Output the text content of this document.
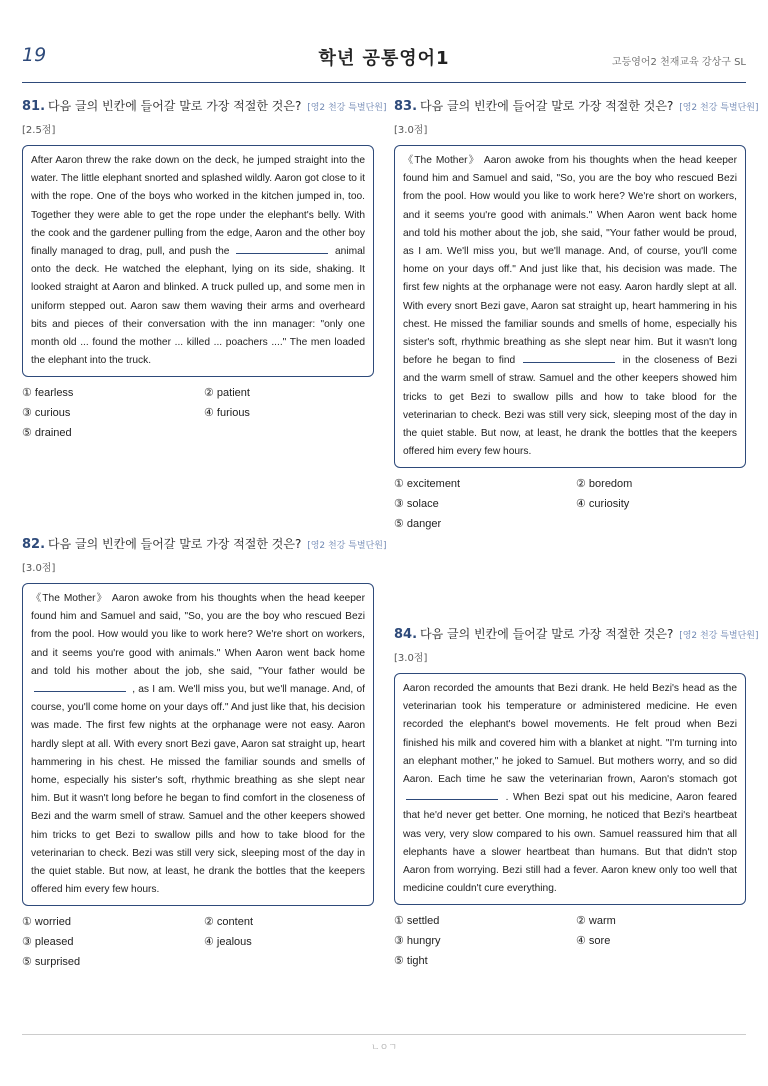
19	학년 공통영어1	고등영어2 천재교육 강상구 SL
81. 다음 글의 빈칸에 들어갈 말로 가장 적절한 것은? [영2 천강 특별단원]
[2.5점]
After Aaron threw the rake down on the deck, he jumped straight into the water. The little elephant snorted and splashed wildly. Aaron got close to it with the rope. One of the boys who worked in the kitchen jumped in, too. Together they were able to get the rope under the elephant's belly. With the cook and the gardener pulling from the edge, Aaron and the other boy finally managed to drag, pull, and push the	animal onto the deck. He watched the elephant, lying on its side, shaking. It looked straight at Aaron and blinked. A truck pulled up, and some men in uniform stepped out. Aaron saw them waving their arms and overheard bits and pieces of their conversation with the inn manager: "only one month old ... found the mother ... killed ... poachers ...." The men loaded the elephant into the truck.
① fearless	② patient
③ curious	④ furious
⑤ drained
82. 다음 글의 빈칸에 들어갈 말로 가장 적절한 것은? [영2 천강 특별단원]
[3.0점]
《The Mother》 Aaron awoke from his thoughts when the head keeper found him and Samuel and said, "So, you are the boy who rescued Bezi from the pool. How would you like to work here? We're short on workers, and it seems you're good with animals." When Aaron went back home and told his mother about the job, she said, "Your father would be  , as I am. We'll miss you, but we'll manage. And, of course, you'll come home on your days off." And just like that, his decision was made. The first few nights at the orphanage were not easy. Aaron hardly slept at all. With every snort Bezi gave, Aaron sat straight up, heart hammering in his chest. He missed the familiar sounds and smells of home, especially his sister's soft, rhythmic breathing as she slept near him. But it wasn't long before he began to find comfort in the closeness of Bezi and the warm smell of straw. Samuel and the other keepers showed him tricks to get Bezi to swallow pills and how to take blood for the veterinarian to check. Bezi was still very sick, sleeping most of the day in the quiet stable. But now, at least, he drank the bottles that the keepers offered him every few hours.
① worried	② content
③ pleased	④ jealous
⑤ surprised
83. 다음 글의 빈칸에 들어갈 말로 가장 적절한 것은? [영2 천강 특별단원]
[3.0점]
《The Mother》 Aaron awoke from his thoughts when the head keeper found him and Samuel and said, "So, you are the boy who rescued Bezi from the pool. How would you like to work here? We're short on workers, and it seems you're good with animals." When Aaron went back home and told his mother about the job, she said, "Your father would be proud, as I am. We'll miss you, but we'll manage. And, of course, you'll come home on your days off." And just like that, his decision was made. The first few nights at the orphanage were not easy. Aaron hardly slept at all. With every snort Bezi gave, Aaron sat straight up, heart hammering in his chest. He missed the familiar sounds and smells of home, especially his sister's soft, rhythmic breathing as she slept near him. But it wasn't long before he began to find	in the closeness of Bezi and the warm smell of straw. Samuel and the other keepers showed him tricks to get Bezi to swallow pills and how to take blood for the veterinarian to check. Bezi was still very sick, sleeping most of the day in the quiet stable. But now, at least, he drank the bottles that the keepers offered him every few hours.
① excitement	② boredom
③ solace	④ curiosity
⑤ danger
84. 다음 글의 빈칸에 들어갈 말로 가장 적절한 것은? [영2 천강 특별단원]
[3.0점]
Aaron recorded the amounts that Bezi drank. He held Bezi's head as the veterinarian took his temperature or administered medicine. He even recorded the elephant's bowel movements. He felt proud when Bezi finished his milk and covered him with a blanket at night. "I'm turning into an elephant mother," he joked to Samuel. But mothers worry, and so did Aaron. Each time he saw the veterinarian frown, Aaron's stomach got  . When Bezi spat out his medicine, Aaron feared that he'd never get better. One morning, he noticed that Bezi's heartbeat was very, very slow compared to his own. Samuel reassured him that all elephants have a slower heartbeat than humans. But that didn't stop Aaron from worrying. Bezi still had a fever. Aaron knew only too well that medicine couldn't cure everything.
① settled	② warm
③ hungry	④ sore
⑤ tight
ㄴㅇㄱ
